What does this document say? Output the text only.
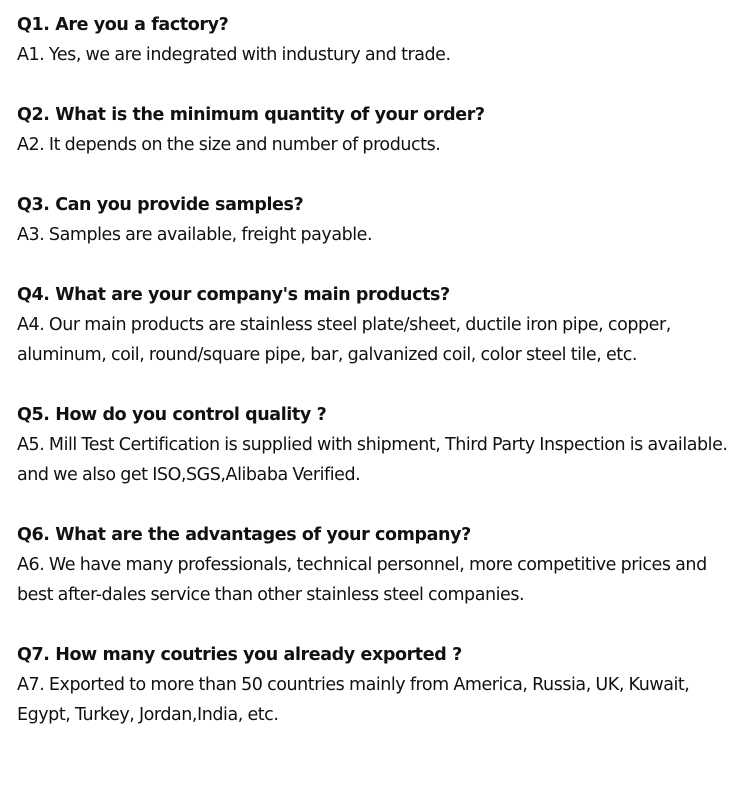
Q1. Are you a factory?
A1. Yes, we are indegrated with industury and trade.
Q2. What is the minimum quantity of your order?
A2. It depends on the size and number of products.
Q3. Can you provide samples?
A3. Samples are available, freight payable.
Q4. What are your company's main products?
A4. Our main products are stainless steel plate/sheet, ductile iron pipe, copper, aluminum, coil, round/square pipe, bar, galvanized coil, color steel tile, etc.
Q5. How do you control quality ?
A5. Mill Test Certification is supplied with shipment, Third Party Inspection is available. and we also get ISO,SGS,Alibaba Verified.
Q6. What are the advantages of your company?
A6. We have many professionals, technical personnel, more competitive prices and best after-dales service than other stainless steel companies.
Q7. How many coutries you already exported ?
A7. Exported to more than 50 countries mainly from America, Russia, UK, Kuwait, Egypt, Turkey, Jordan,India, etc.
